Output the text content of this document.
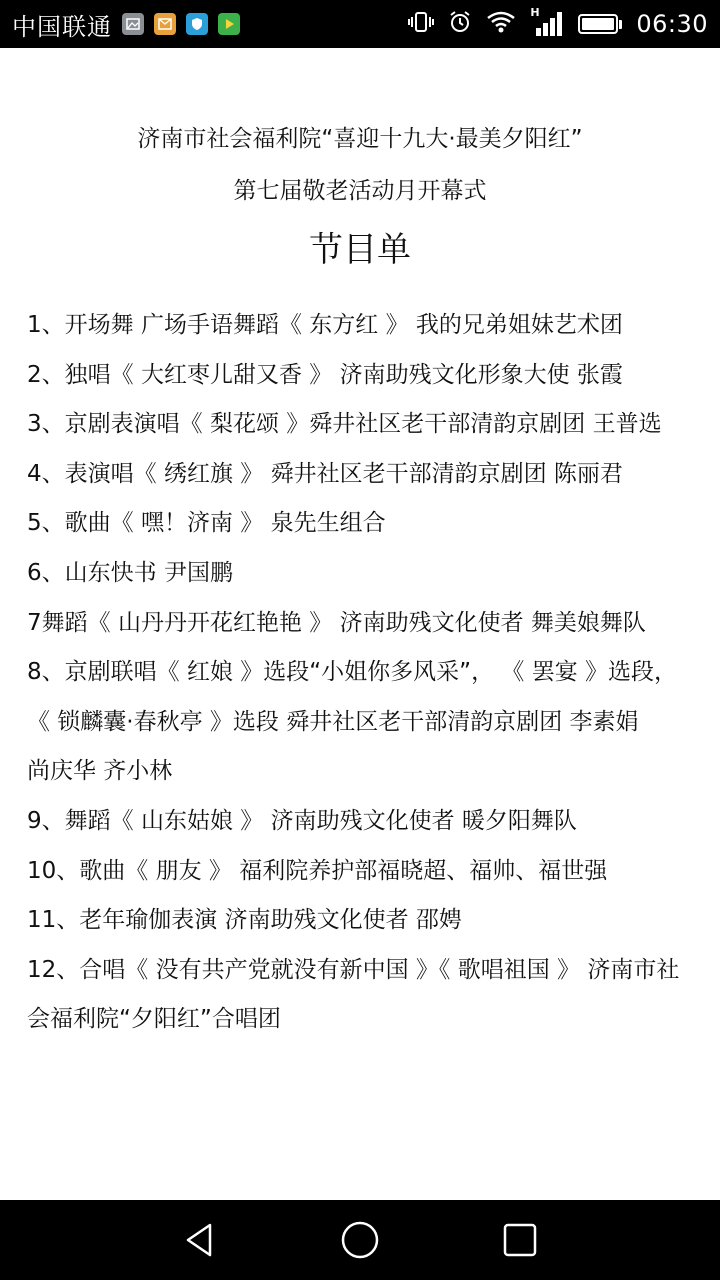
中国联通	H	06:30
济南市社会福利院“喜迎十九大·最美夕阳红”
第七届敬老活动月开幕式
节目单
1、开场舞 广场手语舞蹈《 东方红 》 我的兄弟姐妹艺术团
2、独唱《 大红枣儿甜又香 》 济南助残文化形象大使 张霞
3、京剧表演唱《 梨花颂 》舜井社区老干部清韵京剧团 王普选
4、表演唱《 绣红旗 》 舜井社区老干部清韵京剧团 陈丽君
5、歌曲《 嘿！济南 》 泉先生组合
6、山东快书 尹国鹏
7舞蹈《 山丹丹开花红艳艳 》 济南助残文化使者 舞美娘舞队
8、京剧联唱《 红娘 》选段“小姐你多风采”， 《 罢宴 》选段，
《 锁麟囊·春秋亭 》选段 舜井社区老干部清韵京剧团 李素娟
尚庆华 齐小林
9、舞蹈《 山东姑娘 》 济南助残文化使者 暖夕阳舞队
10、歌曲《 朋友 》 福利院养护部福晓超、福帅、福世强
11、老年瑜伽表演 济南助残文化使者 邵娉
12、合唱《 没有共产党就没有新中国 》《 歌唱祖国 》 济南市社
会福利院“夕阳红”合唱团
